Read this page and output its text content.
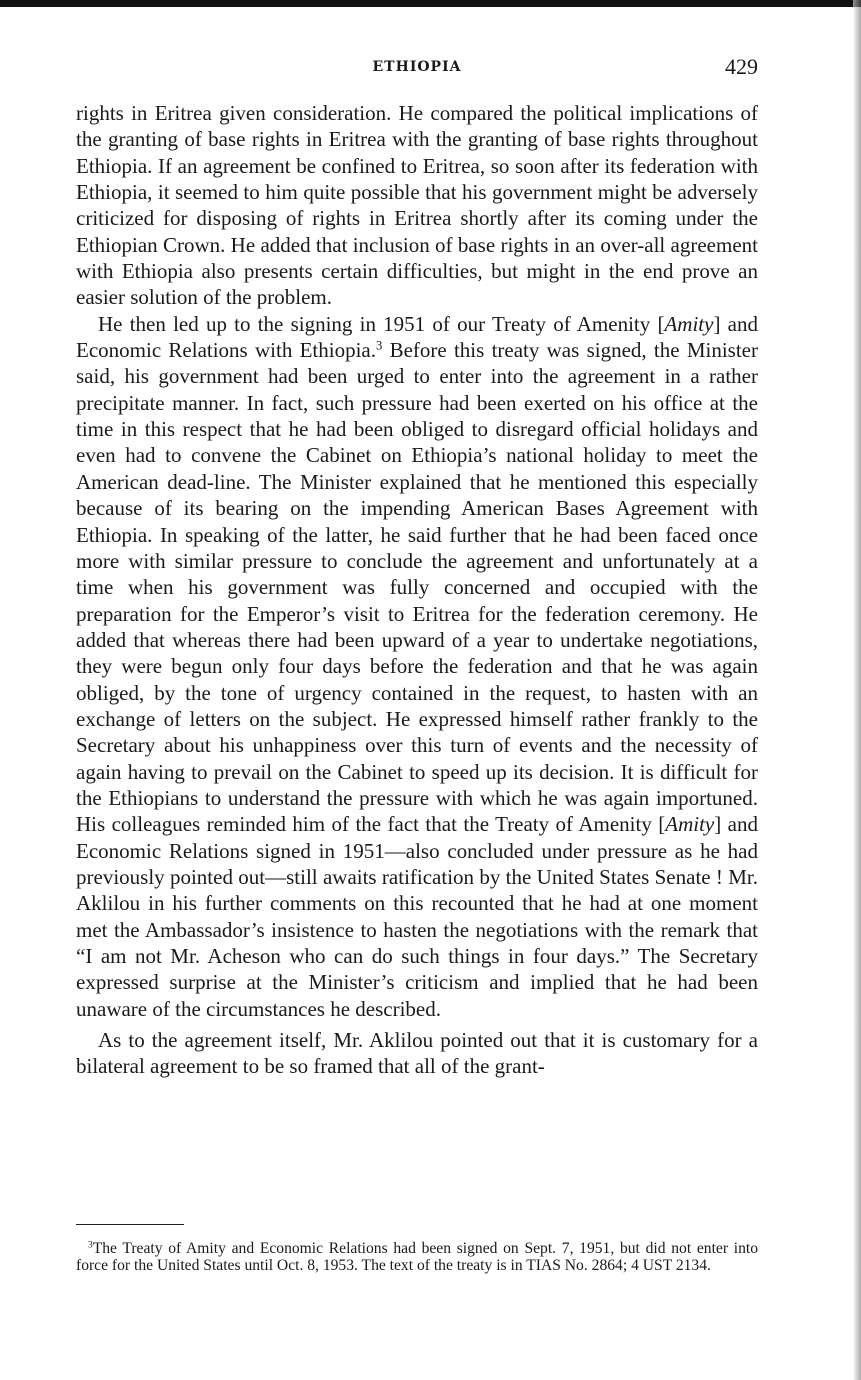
ETHIOPIA	429

rights in Eritrea given consideration. He compared the political implications of the granting of base rights in Eritrea with the granting of base rights throughout Ethiopia. If an agreement be confined to Eritrea, so soon after its federation with Ethiopia, it seemed to him quite possible that his government might be adversely criticized for disposing of rights in Eritrea shortly after its coming under the Ethiopian Crown. He added that inclusion of base rights in an over-all agreement with Ethiopia also presents certain difficulties, but might in the end prove an easier solution of the problem.

He then led up to the signing in 1951 of our Treaty of Amenity [Amity] and Economic Relations with Ethiopia.$^3$ Before this treaty was signed, the Minister said, his government had been urged to enter into the agreement in a rather precipitate manner. In fact, such pressure had been exerted on his office at the time in this respect that he had been obliged to disregard official holidays and even had to convene the Cabinet on Ethiopia’s national holiday to meet the American dead-line. The Minister explained that he mentioned this especially because of its bearing on the impending American Bases Agreement with Ethiopia. In speaking of the latter, he said further that he had been faced once more with similar pressure to conclude the agreement and unfortunately at a time when his government was fully concerned and occupied with the preparation for the Emperor’s visit to Eritrea for the federation ceremony. He added that whereas there had been upward of a year to undertake negotiations, they were begun only four days before the federation and that he was again obliged, by the tone of urgency contained in the request, to hasten with an exchange of letters on the subject. He expressed himself rather frankly to the Secretary about his unhappiness over this turn of events and the necessity of again having to prevail on the Cabinet to speed up its decision. It is difficult for the Ethiopians to understand the pressure with which he was again importuned. His colleagues reminded him of the fact that the Treaty of Amenity [Amity] and Economic Relations signed in 1951—also concluded under pressure as he had previously pointed out—still awaits ratification by the United States Senate ! Mr. Aklilou in his further comments on this recounted that he had at one moment met the Ambassador’s insistence to hasten the negotiations with the remark that “I am not Mr. Acheson who can do such things in four days.” The Secretary expressed surprise at the Minister’s criticism and implied that he had been unaware of the circumstances he described.

As to the agreement itself, Mr. Aklilou pointed out that it is customary for a bilateral agreement to be so framed that all of the grant-

$^3$The Treaty of Amity and Economic Relations had been signed on Sept. 7, 1951, but did not enter into force for the United States until Oct. 8, 1953. The text of the treaty is in TIAS No. 2864; 4 UST 2134.
